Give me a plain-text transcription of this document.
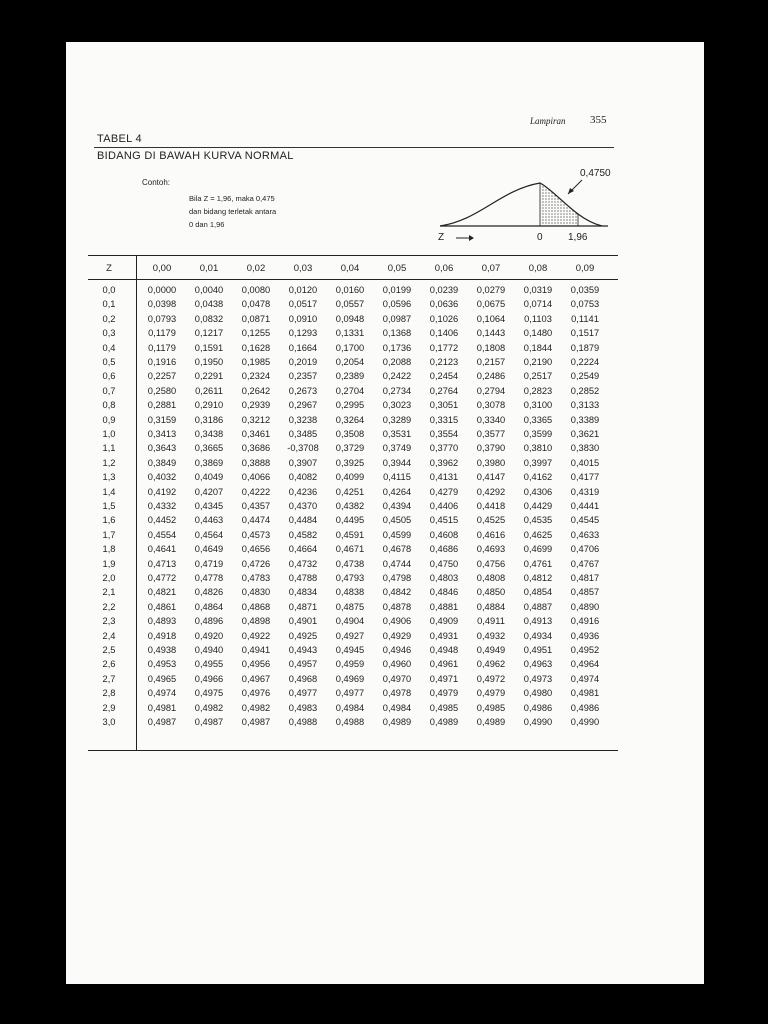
Lampiran 355
TABEL 4
BIDANG DI BAWAH KURVA NORMAL
Contoh:
Bila Z = 1,96, maka 0,475
dan bidang terletak antara
0 dan 1,96
0,4750
Z	0	1,96
Z	0,00	0,01	0,02	0,03	0,04	0,05	0,06	0,07	0,08	0,09
0,0	0,0000	0,0040	0,0080	0,0120	0,0160	0,0199	0,0239	0,0279	0,0319	0,0359
0,1	0,0398	0,0438	0,0478	0,0517	0,0557	0,0596	0,0636	0,0675	0,0714	0,0753
0,2	0,0793	0,0832	0,0871	0,0910	0,0948	0,0987	0,1026	0,1064	0,1103	0,1141
0,3	0,1179	0,1217	0,1255	0,1293	0,1331	0,1368	0,1406	0,1443	0,1480	0,1517
0,4	0,1179	0,1591	0,1628	0,1664	0,1700	0,1736	0,1772	0,1808	0,1844	0,1879
0,5	0,1916	0,1950	0,1985	0,2019	0,2054	0,2088	0,2123	0,2157	0,2190	0,2224
0,6	0,2257	0,2291	0,2324	0,2357	0,2389	0,2422	0,2454	0,2486	0,2517	0,2549
0,7	0,2580	0,2611	0,2642	0,2673	0,2704	0,2734	0,2764	0,2794	0,2823	0,2852
0,8	0,2881	0,2910	0,2939	0,2967	0,2995	0,3023	0,3051	0,3078	0,3100	0,3133
0,9	0,3159	0,3186	0,3212	0,3238	0,3264	0,3289	0,3315	0,3340	0,3365	0,3389
1,0	0,3413	0,3438	0,3461	0,3485	0,3508	0,3531	0,3554	0,3577	0,3599	0,3621
1,1	0,3643	0,3665	0,3686	-0,3708	0,3729	0,3749	0,3770	0,3790	0,3810	0,3830
1,2	0,3849	0,3869	0,3888	0,3907	0,3925	0,3944	0,3962	0,3980	0,3997	0,4015
1,3	0,4032	0,4049	0,4066	0,4082	0,4099	0,4115	0,4131	0,4147	0,4162	0,4177
1,4	0,4192	0,4207	0,4222	0,4236	0,4251	0,4264	0,4279	0,4292	0,4306	0,4319
1,5	0,4332	0,4345	0,4357	0,4370	0,4382	0,4394	0,4406	0,4418	0,4429	0,4441
1,6	0,4452	0,4463	0,4474	0,4484	0,4495	0,4505	0,4515	0,4525	0,4535	0,4545
1,7	0,4554	0,4564	0,4573	0,4582	0,4591	0,4599	0,4608	0,4616	0,4625	0,4633
1,8	0,4641	0,4649	0,4656	0,4664	0,4671	0,4678	0,4686	0,4693	0,4699	0,4706
1,9	0,4713	0,4719	0,4726	0,4732	0,4738	0,4744	0,4750	0,4756	0,4761	0,4767
2,0	0,4772	0,4778	0,4783	0,4788	0,4793	0,4798	0,4803	0,4808	0,4812	0,4817
2,1	0,4821	0,4826	0,4830	0,4834	0,4838	0,4842	0,4846	0,4850	0,4854	0,4857
2,2	0,4861	0,4864	0,4868	0,4871	0,4875	0,4878	0,4881	0,4884	0,4887	0,4890
2,3	0,4893	0,4896	0,4898	0,4901	0,4904	0,4906	0,4909	0,4911	0,4913	0,4916
2,4	0,4918	0,4920	0,4922	0,4925	0,4927	0,4929	0,4931	0,4932	0,4934	0,4936
2,5	0,4938	0,4940	0,4941	0,4943	0,4945	0,4946	0,4948	0,4949	0,4951	0,4952
2,6	0,4953	0,4955	0,4956	0,4957	0,4959	0,4960	0,4961	0,4962	0,4963	0,4964
2,7	0,4965	0,4966	0,4967	0,4968	0,4969	0,4970	0,4971	0,4972	0,4973	0,4974
2,8	0,4974	0,4975	0,4976	0,4977	0,4977	0,4978	0,4979	0,4979	0,4980	0,4981
2,9	0,4981	0,4982	0,4982	0,4983	0,4984	0,4984	0,4985	0,4985	0,4986	0,4986
3,0	0,4987	0,4987	0,4987	0,4988	0,4988	0,4989	0,4989	0,4989	0,4990	0,4990
